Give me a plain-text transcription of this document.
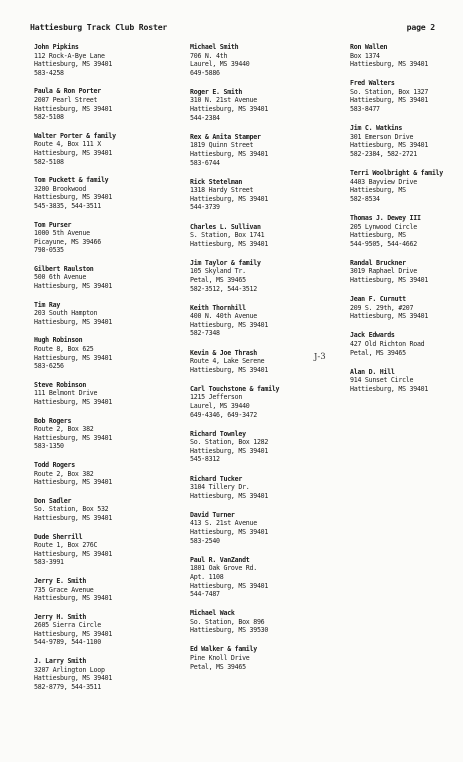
Hattiesburg Track Club Roster	page 2
John Pipkins
112 Rock-A-Bye Lane
Hattiesburg, MS 39401
583-4258
Paula & Ron Porter
2007 Pearl Street
Hattiesburg, MS 39401
582-5108
Walter Porter & family
Route 4, Box 111 X
Hattiesburg, MS 39401
582-5108
Tom Puckett & family
3200 Brookwood
Hattiesburg, MS 39401
545-3835, 544-3511
Tom Purser
1000 5th Avenue
Picayune, MS 39466
798-0535
Gilbert Raulston
500 6th Avenue
Hattiesburg, MS 39401
Tim Ray
203 South Hampton
Hattiesburg, MS 39401
Hugh Robinson
Route 8, Box 625
Hattiesburg, MS 39401
583-6256
Steve Robinson
111 Belmont Drive
Hattiesburg, MS 39401
Bob Rogers
Route 2, Box 382
Hattiesburg, MS 39401
583-1350
Todd Rogers
Route 2, Box 382
Hattiesburg, MS 39401
Don Sadler
So. Station, Box 532
Hattiesburg, MS 39401
Dude Sherrill
Route 1, Box 276C
Hattiesburg, MS 39401
583-3991
Jerry E. Smith
735 Grace Avenue
Hattiesburg, MS 39401
Jerry H. Smith
2605 Sierra Circle
Hattiesburg, MS 39401
544-9789, 544-1100
J. Larry Smith
3207 Arlington Loop
Hattiesburg, MS 39401
582-8779, 544-3511
Michael Smith
706 N. 4th
Laurel, MS 39440
649-5886
Roger E. Smith
310 N. 21st Avenue
Hattiesburg, MS 39401
544-2384
Rex & Anita Stamper
1819 Quinn Street
Hattiesburg, MS 39401
583-6744
Rick Stetelman
1318 Hardy Street
Hattiesburg, MS 39401
544-3739
Charles L. Sullivan
S. Station, Box 1741
Hattiesburg, MS 39401
Jim Taylor & family
105 Skyland Tr.
Petal, MS 39465
582-3512, 544-3512
Keith Thornhill
400 N. 40th Avenue
Hattiesburg, MS 39401
582-7348
Kevin & Joe Thrash
Route 4, Lake Serene
Hattiesburg, MS 39401
Carl Touchstone & family
1215 Jefferson
Laurel, MS 39440
649-4346, 649-3472
Richard Townley
So. Station, Box 1282
Hattiesburg, MS 39401
545-8312
Richard Tucker
3104 Tillery Dr.
Hattiesburg, MS 39401
David Turner
413 S. 21st Avenue
Hattiesburg, MS 39401
583-2540
Paul R. VanZandt
1801 Oak Grove Rd.
Apt. 1108
Hattiesburg, MS 39401
544-7487
Michael Wack
So. Station, Box 896
Hattiesburg, MS 39530
Ed Walker & family
Pine Knoll Drive
Petal, MS 39465
Ron Wallen
Box 1374
Hattiesburg, MS 39401
Fred Walters
So. Station, Box 1327
Hattiesburg, MS 39401
583-8477
Jim C. Watkins
301 Emerson Drive
Hattiesburg, MS 39401
582-2384, 582-2721
Terri Woolbright & family
4403 Bayview Drive
Hattiesburg, MS
582-8534
Thomas J. Dewey III
205 Lynwood Circle
Hattiesburg, MS
544-9505, 544-4662
Randal Bruckner
3019 Raphael Drive
Hattiesburg, MS 39401
Jean F. Curnutt
209 S. 29th, #207
Hattiesburg, MS 39401
Jack Edwards
427 Old Richton Road
Petal, MS 39465
Alan D. Hill
914 Sunset Circle
Hattiesburg, MS 39401
J-3
